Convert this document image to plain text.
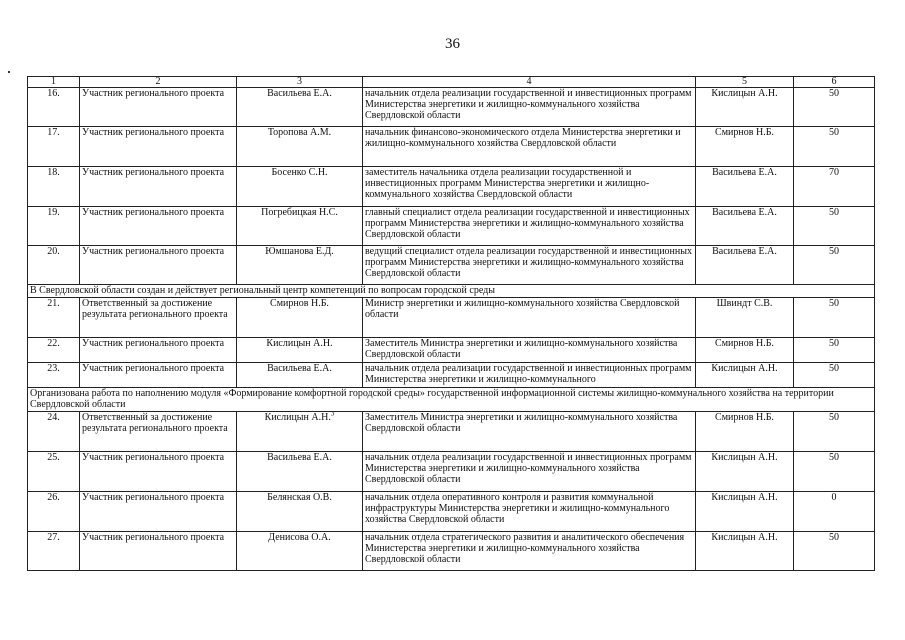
36
1	2	3	4	5	6
16.	Участник регионального проекта	Васильева Е.А.	начальник отдела реализации государственной и инвестиционных программ Министерства энергетики и жилищно-коммунального хозяйства Свердловской области	Кислицын А.Н.	50
17.	Участник регионального проекта	Торопова А.М.	начальник финансово-экономического отдела Министерства энергетики и жилищно-коммунального хозяйства Свердловской области	Смирнов Н.Б.	50
18.	Участник регионального проекта	Босенко С.Н.	заместитель начальника отдела реализации государственной и инвестиционных программ Министерства энергетики и жилищно-коммунального хозяйства Свердловской области	Васильева Е.А.	70
19.	Участник регионального проекта	Погребицкая Н.С.	главный специалист отдела реализации государственной и инвестиционных программ Министерства энергетики и жилищно-коммунального хозяйства Свердловской области	Васильева Е.А.	50
20.	Участник регионального проекта	Юмшанова Е.Д.	ведущий специалист отдела реализации государственной и инвестиционных программ Министерства энергетики и жилищно-коммунального хозяйства Свердловской области	Васильева Е.А.	50
В Свердловской области создан и действует региональный центр компетенций по вопросам городской среды					
21.	Ответственный за достижение результата регионального проекта	Смирнов Н.Б.	Министр энергетики и жилищно-коммунального хозяйства Свердловской области	Швиндт С.В.	50
22.	Участник регионального проекта	Кислицын А.Н.	Заместитель Министра энергетики и жилищно-коммунального хозяйства Свердловской области	Смирнов Н.Б.	50
23.	Участник регионального проекта	Васильева Е.А.	начальник отдела реализации государственной и инвестиционных программ Министерства энергетики и жилищно-коммунального	Кислицын А.Н.	50
Организована работа по наполнению модуля «Формирование комфортной городской среды» государственной информационной системы жилищно-коммунального хозяйства на территории Свердловской области					
24.	Ответственный за достижение результата регионального проекта	Кислицын А.Н.$^3$	Заместитель Министра энергетики и жилищно-коммунального хозяйства Свердловской области	Смирнов Н.Б.	50
25.	Участник регионального проекта	Васильева Е.А.	начальник отдела реализации государственной и инвестиционных программ Министерства энергетики и жилищно-коммунального хозяйства Свердловской области	Кислицын А.Н.	50
26.	Участник регионального проекта	Белянская О.В.	начальник отдела оперативного контроля и развития коммунальной инфраструктуры Министерства энергетики и жилищно-коммунального хозяйства Свердловской области	Кислицын А.Н.	0
27.	Участник регионального проекта	Денисова О.А.	начальник отдела стратегического развития и аналитического обеспечения Министерства энергетики и жилищно-коммунального хозяйства Свердловской области	Кислицын А.Н.	50
